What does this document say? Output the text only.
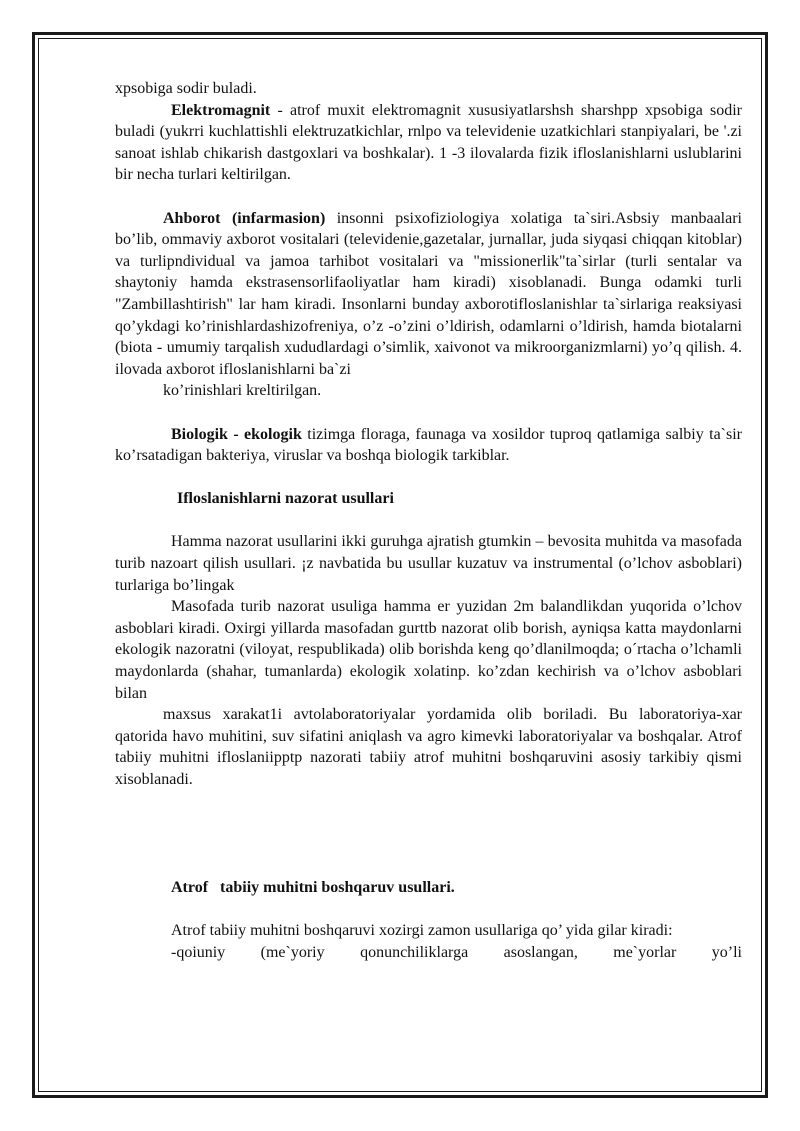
xpsobiga sodir buladi.

Elektromagnit - atrof muxit elektromagnit xususiyatlarshsh sharshpp xpsobiga sodir buladi (yukrri kuchlattishli elektruzatkichlar, rnlpo va televidenie uzatkichlari stanpiyalari, be '.zi sanoat ishlab chikarish dastgoxlari va boshkalar). 1 -3 ilovalarda fizik ifloslanishlarni uslublarini bir necha turlari keltirilgan.

Ahborot (infarmasion) insonni psixofiziologiya xolatiga ta`siri.Asbsiy manbaalari bo’lib, ommaviy axborot vositalari (televidenie,gazetalar, jurnallar, juda siyqasi chiqqan kitoblar) va turlipndividual va jamoa tarhibot vositalari va "missionerlik"ta`sirlar (turli sentalar va shaytoniy hamda ekstrasensorlifaoliyatlar ham kiradi) xisoblanadi. Bunga odamki turli "Zambillashtirish" lar ham kiradi. Insonlarni bunday axborotifloslanishlar ta`sirlariga reaksiyasi qo’ykdagi ko’rinishlardashizofreniya, o’z -o’zini o’ldirish, odamlarni o’ldirish, hamda biotalarni (biota - umumiy tarqalish xududlardagi o’simlik, xaivonot va mikroorganizmlarni) yo’q qilish. 4. ilovada axborot ifloslanishlarni ba`zi

ko’rinishlari kreltirilgan.

Biologik - ekologik tizimga floraga, faunaga va xosildor tuproq qatlamiga salbiy ta`sir ko’rsatadigan bakteriya, viruslar va boshqa biologik tarkiblar.

Ifloslanishlarni nazorat usullari

Hamma nazorat usullarini ikki guruhga ajratish gtumkin – bevosita muhitda va masofada turib nazoart qilish usullari. ¡z navbatida bu usullar kuzatuv va instrumental (o’lchov asboblari) turlariga bo’lingak

Masofada turib nazorat usuliga hamma er yuzidan 2m balandlikdan yuqorida o’lchov asboblari kiradi. Oxirgi yillarda masofadan gurttb nazorat olib borish, ayniqsa katta maydonlarni ekologik nazoratni (viloyat, respublikada) olib borishda keng qo’dlanilmoqda; o´rtacha o’lchamli maydonlarda (shahar, tumanlarda) ekologik xolatinp. ko’zdan kechirish va o’lchov asboblari bilan

maxsus xarakat1i avtolaboratoriyalar yordamida olib boriladi. Bu laboratoriya-xar qatorida havo muhitini, suv sifatini aniqlash va agro kimevki laboratoriyalar va boshqalar. Atrof tabiiy muhitni ifloslaniipptp nazorati tabiiy atrof muhitni boshqaruvini asosiy tarkibiy qismi xisoblanadi.

Atrof   tabiiy muhitni boshqaruv usullari.

Atrof tabiiy muhitni boshqaruvi xozirgi zamon usullariga qo’ yida gilar kiradi:

-qoiuniy (me`yoriy qonunchiliklarga asoslangan, me`yorlar yo’li
